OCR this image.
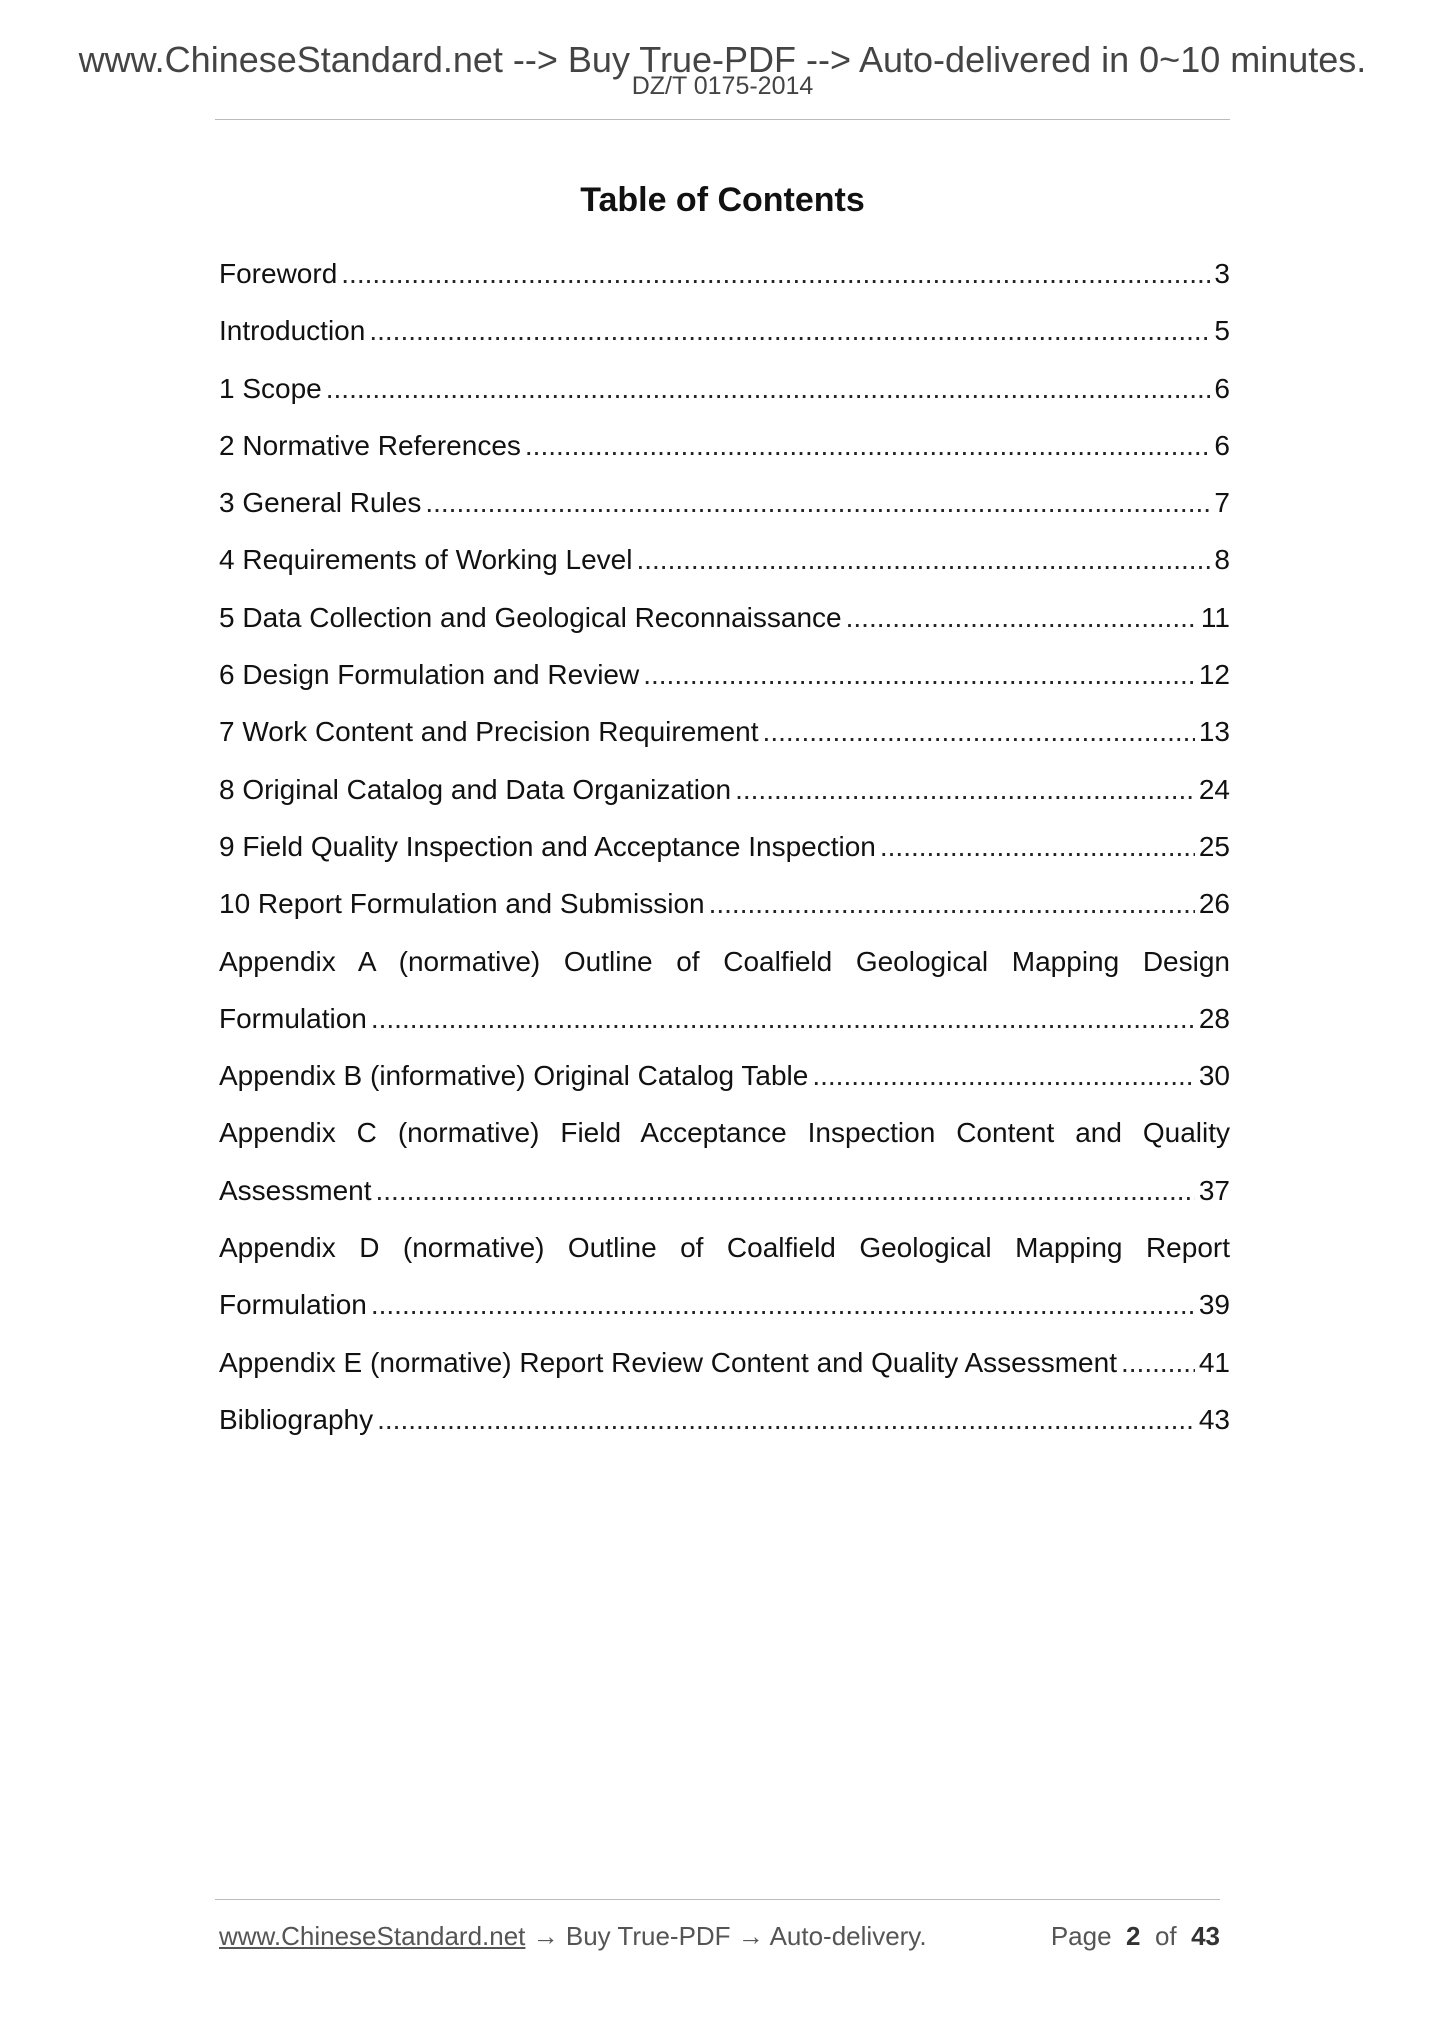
www.ChineseStandard.net --> Buy True-PDF --> Auto-delivered in 0~10 minutes.
DZ/T 0175-2014
Table of Contents
Foreword .....	3
Introduction .....	5
1 Scope .....	6
2 Normative References .....	6
3 General Rules .....	7
4 Requirements of Working Level .....	8
5 Data Collection and Geological Reconnaissance .....	11
6 Design Formulation and Review .....	12
7 Work Content and Precision Requirement .....	13
8 Original Catalog and Data Organization .....	24
9 Field Quality Inspection and Acceptance Inspection .....	25
10 Report Formulation and Submission .....	26
Appendix A (normative) Outline of Coalfield Geological Mapping Design
Formulation .....	28
Appendix B (informative) Original Catalog Table .....	30
Appendix C (normative) Field Acceptance Inspection Content and Quality
Assessment .....	37
Appendix D (normative) Outline of Coalfield Geological Mapping Report
Formulation .....	39
Appendix E (normative) Report Review Content and Quality Assessment .....	41
Bibliography .....	43
www.ChineseStandard.net → Buy True-PDF → Auto-delivery.	Page 2 of 43
